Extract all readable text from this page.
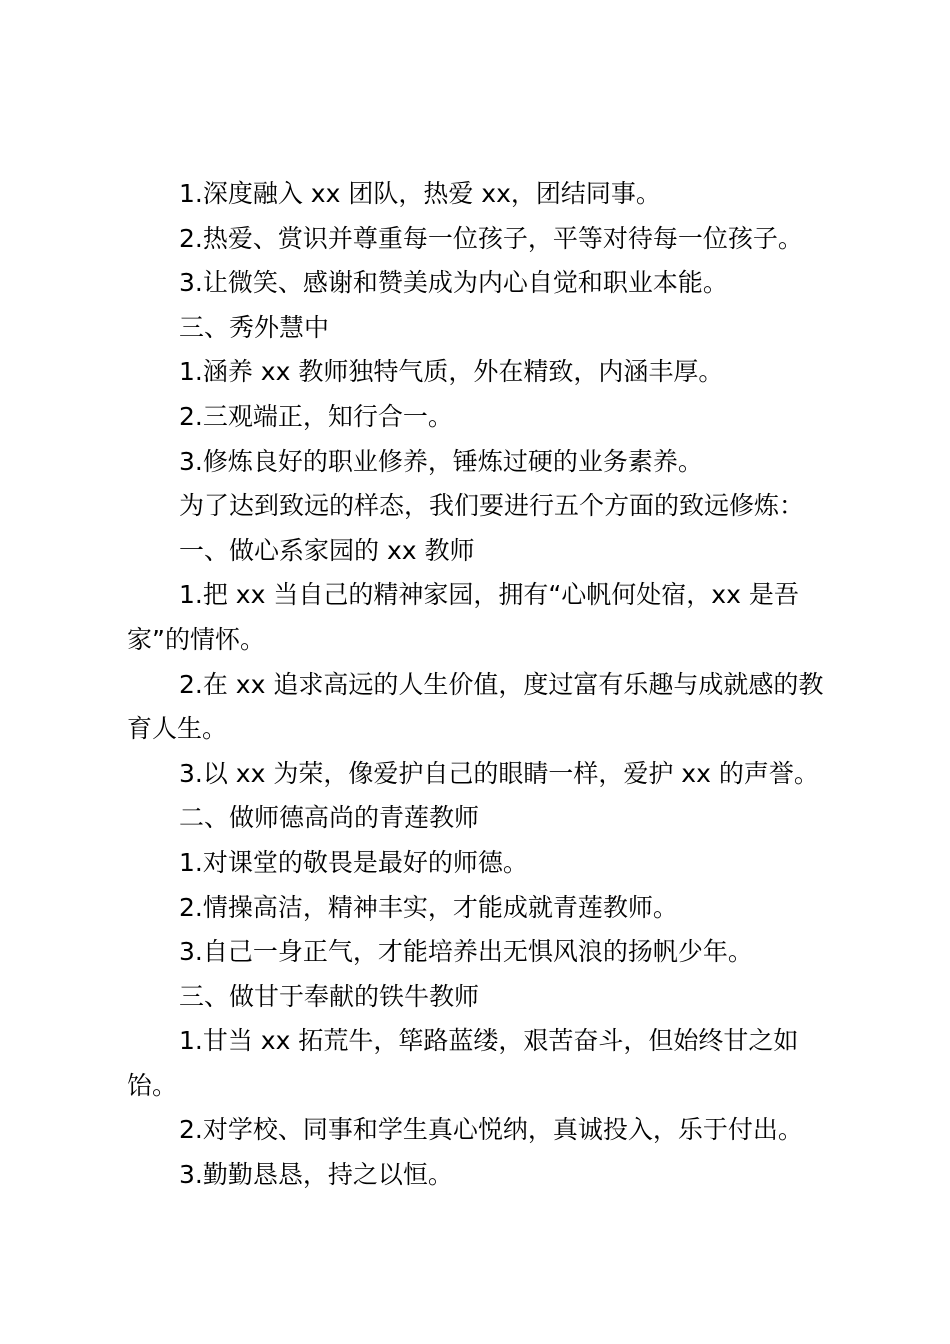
1.深度融入 xx 团队，热爱 xx，团结同事。

2.热爱、赏识并尊重每一位孩子，平等对待每一位孩子。

3.让微笑、感谢和赞美成为内心自觉和职业本能。

三、秀外慧中

1.涵养 xx 教师独特气质，外在精致，内涵丰厚。

2.三观端正，知行合一。

3.修炼良好的职业修养，锤炼过硬的业务素养。

为了达到致远的样态，我们要进行五个方面的致远修炼：

一、做心系家园的 xx 教师

1.把 xx 当自己的精神家园，拥有“心帆何处宿，xx 是吾家”的情怀。

2.在 xx 追求高远的人生价值，度过富有乐趣与成就感的教育人生。

3.以 xx 为荣，像爱护自己的眼睛一样，爱护 xx 的声誉。

二、做师德高尚的青莲教师

1.对课堂的敬畏是最好的师德。

2.情操高洁，精神丰实，才能成就青莲教师。

3.自己一身正气，才能培养出无惧风浪的扬帆少年。

三、做甘于奉献的铁牛教师

1.甘当 xx 拓荒牛，筚路蓝缕，艰苦奋斗，但始终甘之如饴。

2.对学校、同事和学生真心悦纳，真诚投入，乐于付出。

3.勤勤恳恳，持之以恒。
